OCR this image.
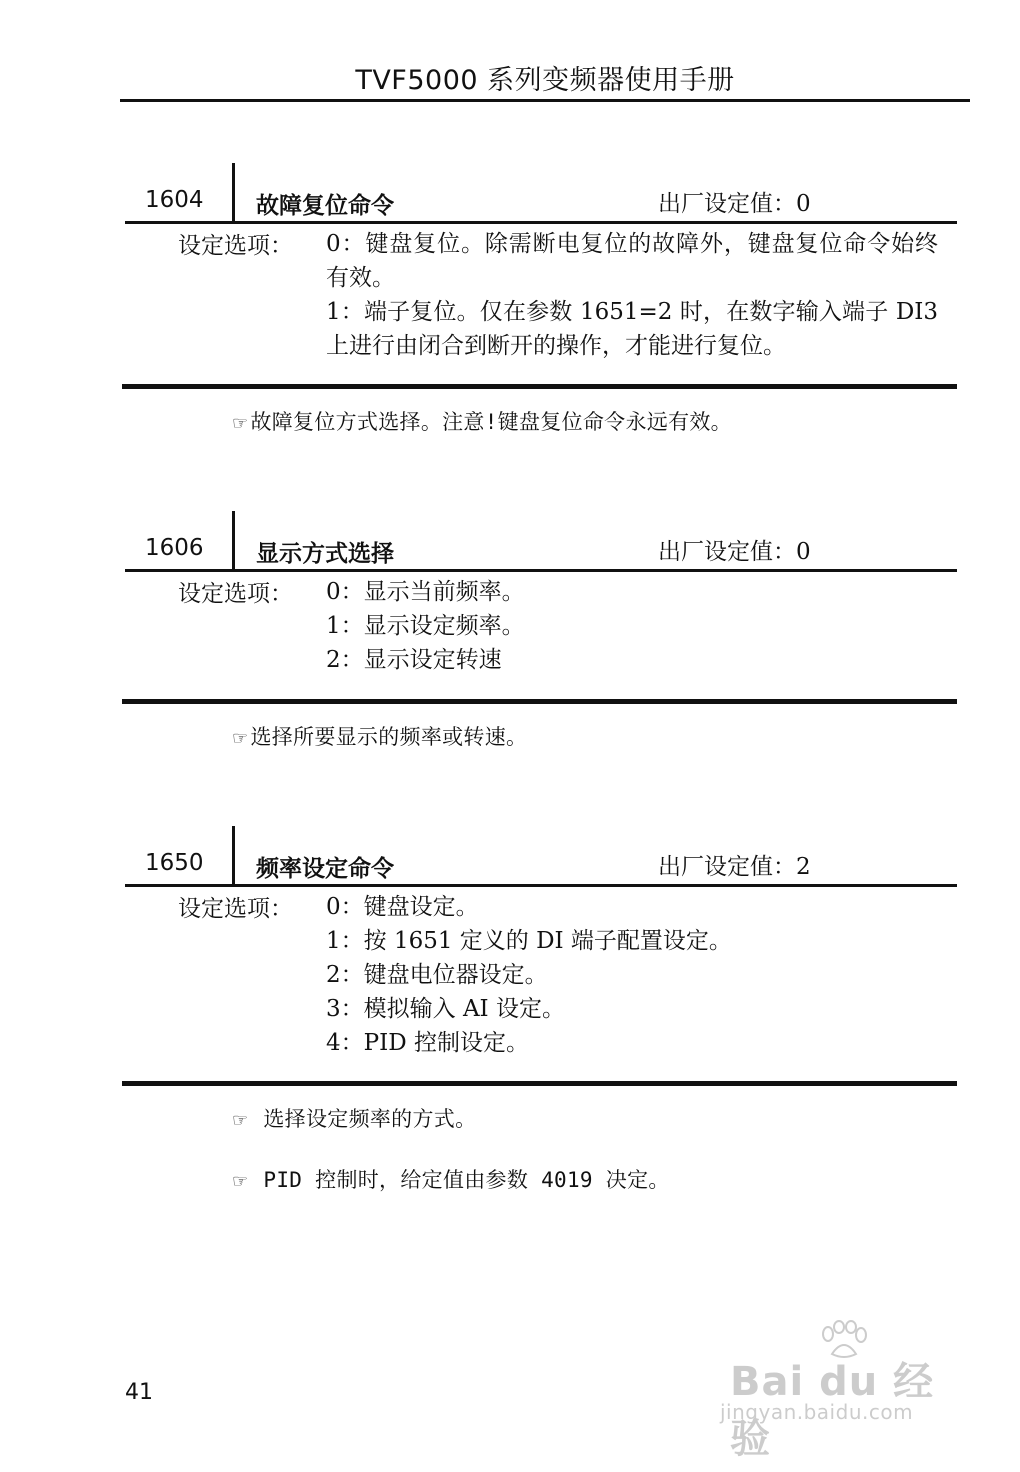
TVF5000 系列变频器使用手册
1604 故障复位命令	出厂设定值：0
设定选项： 0：键盘复位。除需断电复位的故障外，键盘复位命令始终有效。
1：端子复位。仅在参数 1651=2 时，在数字输入端子 DI3 上进行由闭合到断开的操作，才能进行复位。
☞故障复位方式选择。注意!键盘复位命令永远有效。
1606 显示方式选择	出厂设定值：0
设定选项： 0：显示当前频率。
1：显示设定频率。
2：显示设定转速
☞选择所要显示的频率或转速。
1650 频率设定命令	出厂设定值：2
设定选项： 0：键盘设定。
1：按 1651 定义的 DI 端子配置设定。
2：键盘电位器设定。
3：模拟输入 AI 设定。
4：PID 控制设定。
☞ 选择设定频率的方式。
☞ PID 控制时，给定值由参数 4019 决定。
41	Bai du 经验
jingyan.baidu.com
